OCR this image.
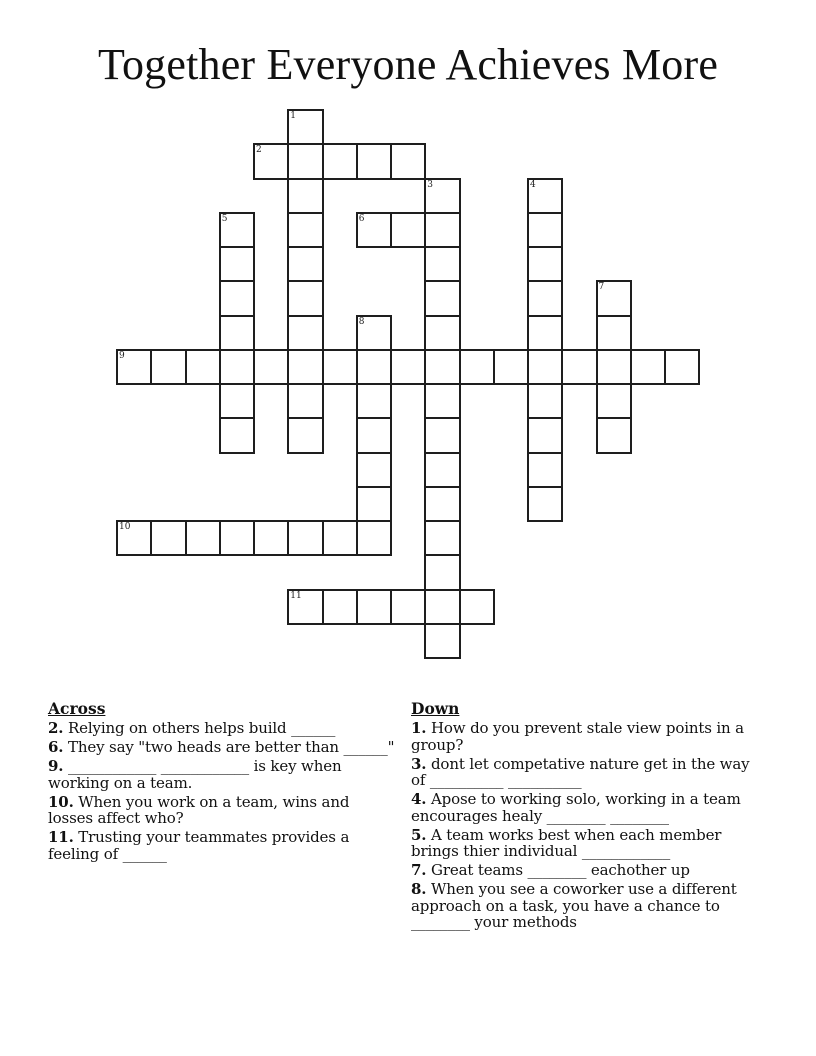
Together Everyone Achieves More
1
2
3	4
5	6
7
8
9
10
11
Across
2. Relying on others helps build ______
6. They say "two heads are better than ______"
9. ____________ ____________ is key when working on a team.
10. When you work on a team, wins and losses affect who?
11. Trusting your teammates provides a feeling of ______
Down
1. How do you prevent stale view points in a group?
3. dont let competative nature get in the way of __________ __________
4. Apose to working solo, working in a team encourages healy ________ ________
5. A team works best when each member brings thier individual ____________
7. Great teams ________ eachother up
8. When you see a coworker use a different approach on a task, you have a chance to ________ your methods
